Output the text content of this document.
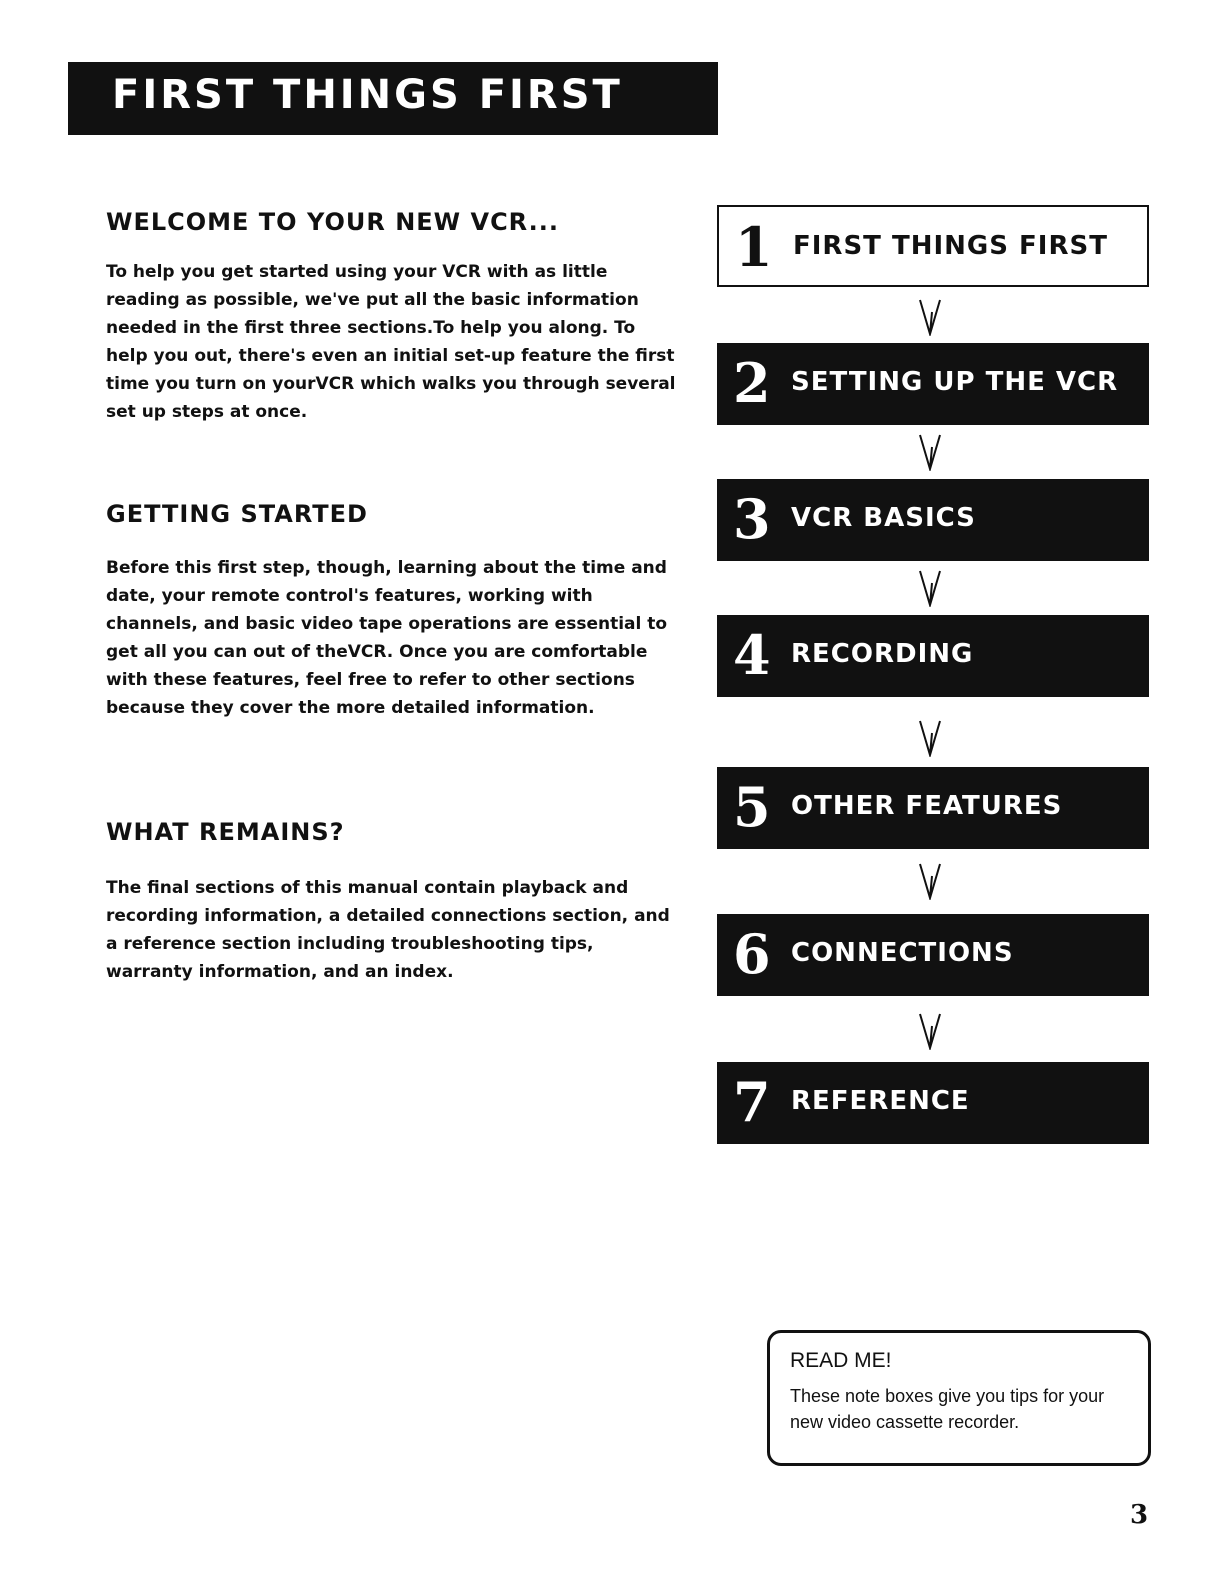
FIRST THINGS FIRST
WELCOME TO YOUR NEW VCR...

To help you get started using your VCR with as little reading as possible, we've put all the basic information needed in the first three sections.To help you along. To help you out, there's even an initial set-up feature the first time you turn on yourVCR which walks you through several set up steps at once.

GETTING STARTED

Before this first step, though, learning about the time and date, your remote control's features, working with channels, and basic video tape operations are essential to get all you can out of theVCR. Once you are comfortable with these features, feel free to refer to other sections because they cover the more detailed information.

WHAT REMAINS?

The final sections of this manual contain playback and recording information, a detailed connections section, and a reference section including troubleshooting tips, warranty information, and an index.

1 FIRST THINGS FIRST
2 SETTING UP THE VCR
3 VCR BASICS
4 RECORDING
5 OTHER FEATURES
6 CONNECTIONS
7 REFERENCE

READ ME!

These note boxes give you tips for your new video cassette recorder.

3
